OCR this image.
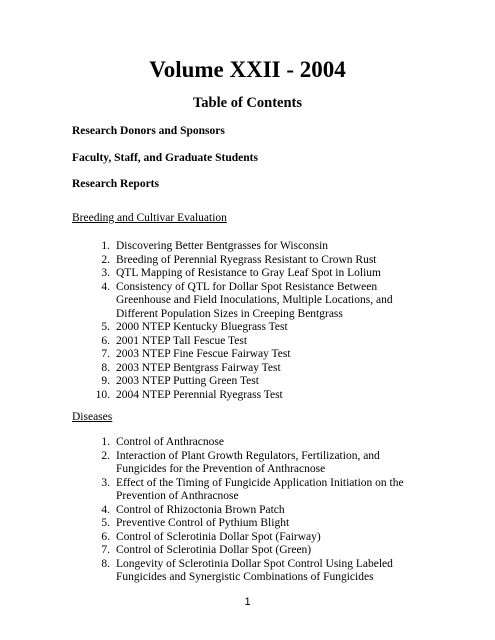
Volume XXII - 2004
Table of Contents
Research Donors and Sponsors
Faculty, Staff, and Graduate Students
Research Reports
Breeding and Cultivar Evaluation
1. Discovering Better Bentgrasses for Wisconsin
2. Breeding of Perennial Ryegrass Resistant to Crown Rust
3. QTL Mapping of Resistance to Gray Leaf Spot in Lolium
4. Consistency of QTL for Dollar Spot Resistance Between Greenhouse and Field Inoculations, Multiple Locations, and Different Population Sizes in Creeping Bentgrass
5. 2000 NTEP Kentucky Bluegrass Test
6. 2001 NTEP Tall Fescue Test
7. 2003 NTEP Fine Fescue Fairway Test
8. 2003 NTEP Bentgrass Fairway Test
9. 2003 NTEP Putting Green Test
10. 2004 NTEP Perennial Ryegrass Test
Diseases
1. Control of Anthracnose
2. Interaction of Plant Growth Regulators, Fertilization, and Fungicides for the Prevention of Anthracnose
3. Effect of the Timing of Fungicide Application Initiation on the Prevention of Anthracnose
4. Control of Rhizoctonia Brown Patch
5. Preventive Control of Pythium Blight
6. Control of Sclerotinia Dollar Spot (Fairway)
7. Control of Sclerotinia Dollar Spot (Green)
8. Longevity of Sclerotinia Dollar Spot Control Using Labeled Fungicides and Synergistic Combinations of Fungicides
1
